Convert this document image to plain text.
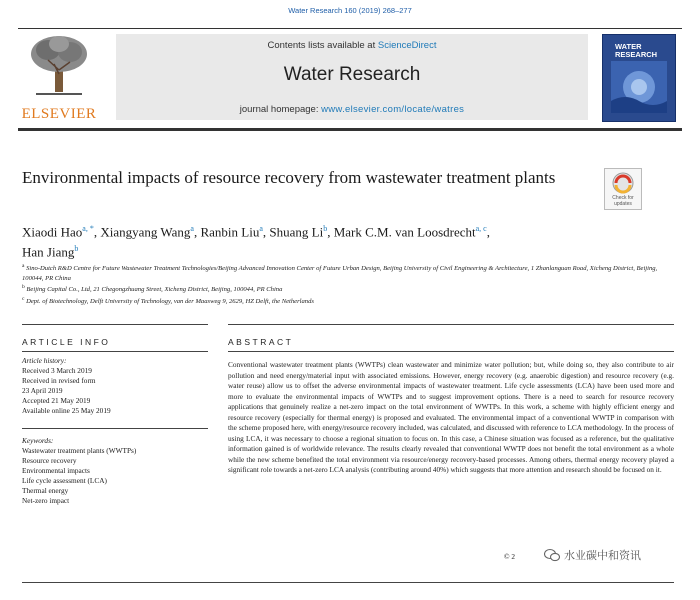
Water Research 160 (2019) 268–277
ELSEVIER
Contents lists available at ScienceDirect
Water Research
journal homepage: www.elsevier.com/locate/watres
WATER RESEARCH
Environmental impacts of resource recovery from wastewater treatment plants
Check for updates
Xiaodi Hao$^{a, *}$, Xiangyang Wang$^a$, Ranbin Liu$^a$, Shuang Li$^b$, Mark C.M. van Loosdrecht$^{a, c}$,
Han Jiang$^b$
$^a$ Sino-Dutch R&D Centre for Future Wastewater Treatment Technologies/Beijing Advanced Innovation Center of Future Urban Design, Beijing University of Civil Engineering & Architecture, 1 Zhanlanguan Road, Xicheng District, Beijing, 100044, PR China
$^b$ Beijing Capital Co., Ltd, 21 Chegongzhuang Street, Xicheng District, Beijing, 100044, PR China
$^c$ Dept. of Biotechnology, Delft University of Technology, van der Maasweg 9, 2629, HZ Delft, the Netherlands
ARTICLE INFO	ABSTRACT
Article history:
Received 3 March 2019
Received in revised form
23 April 2019
Accepted 21 May 2019
Available online 25 May 2019
Keywords:
Wastewater treatment plants (WWTPs)
Resource recovery
Environmental impacts
Life cycle assessment (LCA)
Thermal energy
Net-zero impact
Conventional wastewater treatment plants (WWTPs) clean wastewater and minimize water pollution; but, while doing so, they also contribute to air pollution and need energy/material input with associated emissions. However, energy recovery (e.g. anaerobic digestion) and resource recovery (e.g. water reuse) allow us to offset the adverse environmental impacts of wastewater treatment. Life cycle assessments (LCA) have been used more and more to evaluate the environmental impacts of WWTPs and to suggest improvement options. There is a need to search for resource recovery applications that genuinely realize a net-zero impact on the total environment of WWTPs. In this work, a scheme with highly efficient energy and resource recovery (especially for thermal energy) is proposed and evaluated. The environmental impact of a conventional WWTP in comparison with the scheme proposed here, with energy/resource recovery included, was calculated, and discussed with reference to LCA methodology. In the process of using LCA, it was necessary to choose a regional situation to focus on. In this case, a Chinese situation was focused as a reference, but the qualitative information gained is of worldwide relevance. The results clearly revealed that conventional WWTP does not benefit the total environment as a whole while the new scheme benefited the total environment via resource/energy recovery-based processes. Among others, thermal energy recovery played a significant role towards a net-zero LCA analysis (contributing around 40%) which suggests that more attention and research should be focused on it.
© 2	水业碳中和资讯
